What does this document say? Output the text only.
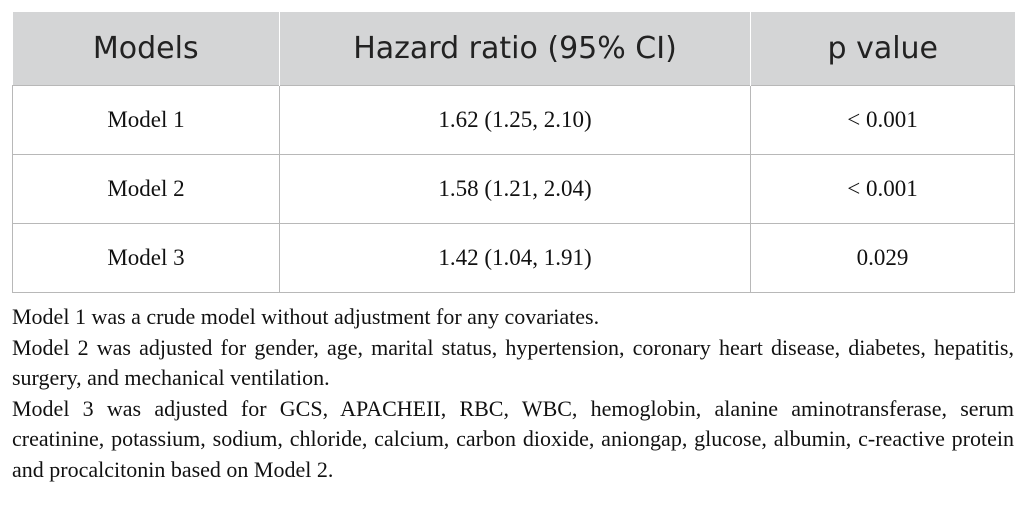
Models	Hazard ratio (95% CI)	p value
Model 1	1.62 (1.25, 2.10)	< 0.001
Model 2	1.58 (1.21, 2.04)	< 0.001
Model 3	1.42 (1.04, 1.91)	0.029

Model 1 was a crude model without adjustment for any covariates.

Model 2 was adjusted for gender, age, marital status, hypertension, coronary heart disease, diabetes, hepatitis, surgery, and mechanical ventilation.

Model 3 was adjusted for GCS, APACHEII, RBC, WBC, hemoglobin, alanine aminotransferase, serum creatinine, potassium, sodium, chloride, calcium, carbon dioxide, aniongap, glucose, albumin, c-reactive protein and procalcitonin based on Model 2.
